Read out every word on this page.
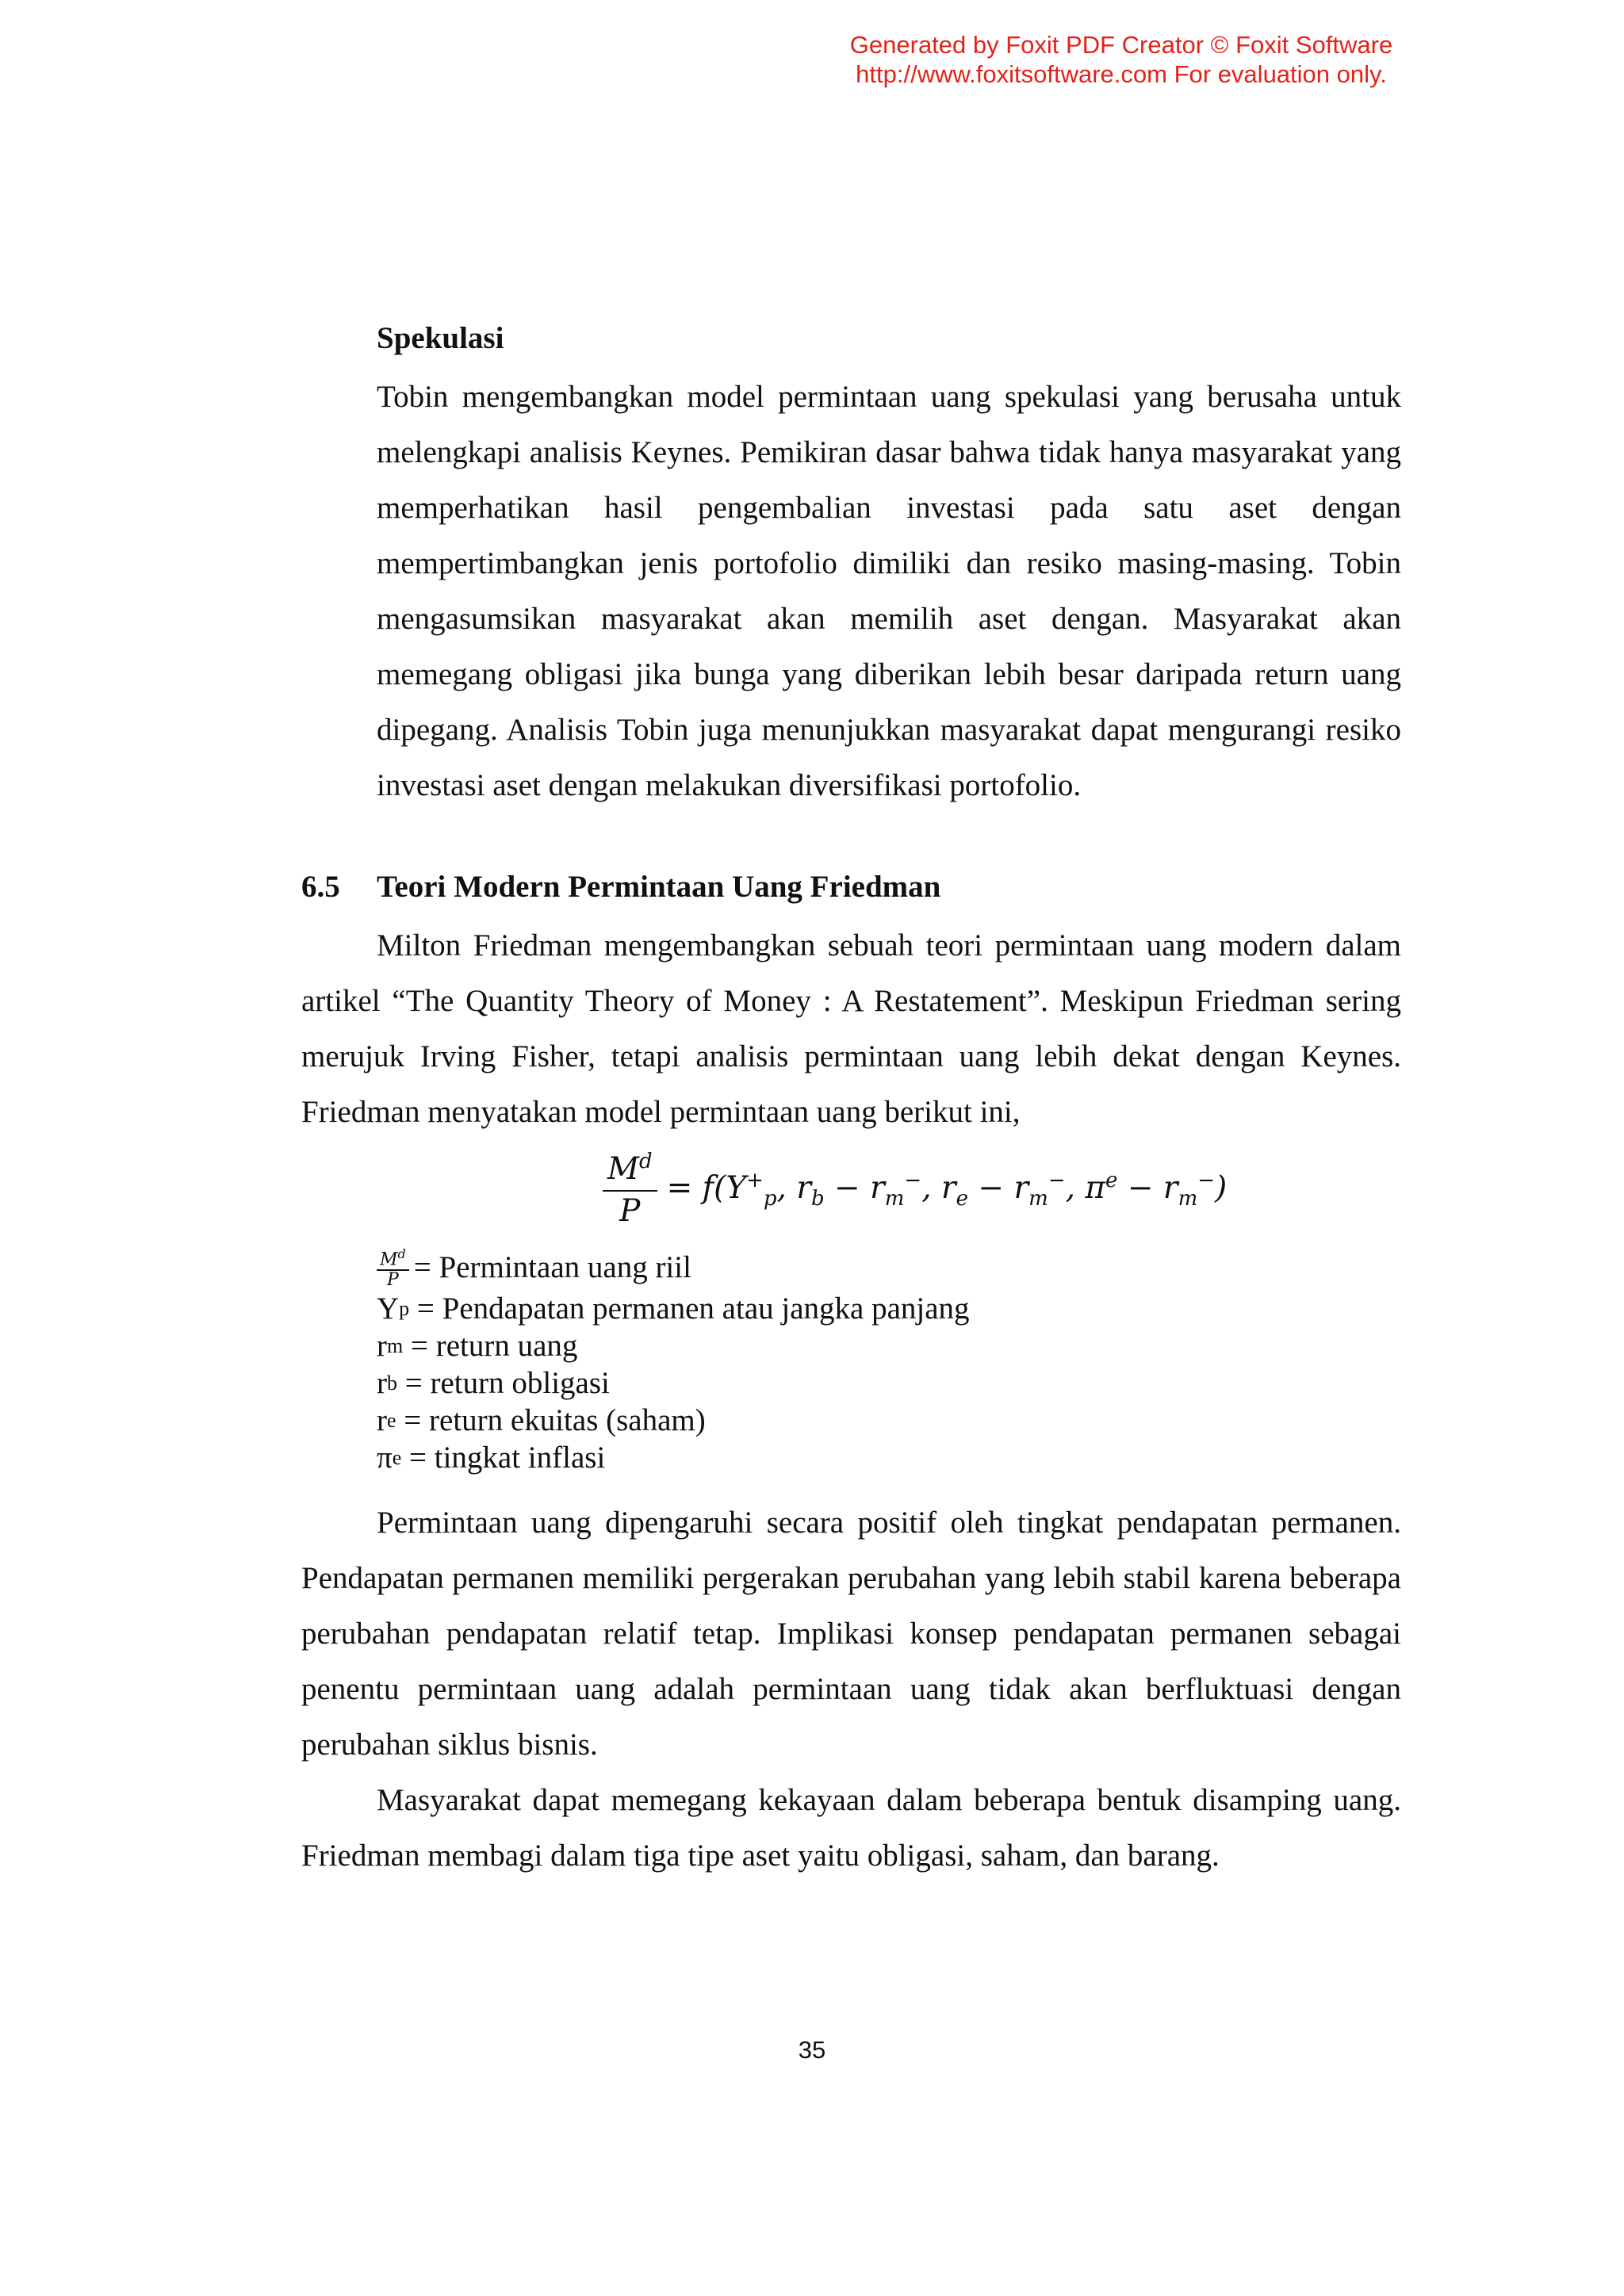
Generated by Foxit PDF Creator © Foxit Software
http://www.foxitsoftware.com For evaluation only.
Spekulasi

Tobin mengembangkan model permintaan uang spekulasi yang berusaha untuk melengkapi analisis Keynes. Pemikiran dasar bahwa tidak hanya masyarakat yang memperhatikan hasil pengembalian investasi pada satu aset dengan mempertimbangkan jenis portofolio dimiliki dan resiko masing-masing. Tobin mengasumsikan masyarakat akan memilih aset dengan. Masyarakat akan memegang obligasi jika bunga yang diberikan lebih besar daripada return uang dipegang. Analisis Tobin juga menunjukkan masyarakat dapat mengurangi resiko investasi aset dengan melakukan diversifikasi portofolio.

6.5 Teori Modern Permintaan Uang Friedman

Milton Friedman mengembangkan sebuah teori permintaan uang modern dalam artikel “The Quantity Theory of Money : A Restatement”. Meskipun Friedman sering merujuk Irving Fisher, tetapi analisis permintaan uang lebih dekat dengan Keynes. Friedman menyatakan model permintaan uang berikut ini,

$\frac{M^d}{P} = f(Y^+_p$, $r_b - r_m^-$, $r_e - r_m^-$, $\pi^e - r_m^-$)
$\frac{M^d}{P}$ = Permintaan uang riil
Y p
= Pendapatan permanen atau jangka panjang
r m
= return uang
r b
= return obligasi
r e
= return ekuitas (saham)
π e
= tingkat inflasi

Permintaan uang dipengaruhi secara positif oleh tingkat pendapatan permanen. Pendapatan permanen memiliki pergerakan perubahan yang lebih stabil karena beberapa perubahan pendapatan relatif tetap. Implikasi konsep pendapatan permanen sebagai penentu permintaan uang adalah permintaan uang tidak akan berfluktuasi dengan perubahan siklus bisnis.

Masyarakat dapat memegang kekayaan dalam beberapa bentuk disamping uang. Friedman membagi dalam tiga tipe aset yaitu obligasi, saham, dan barang.

35
